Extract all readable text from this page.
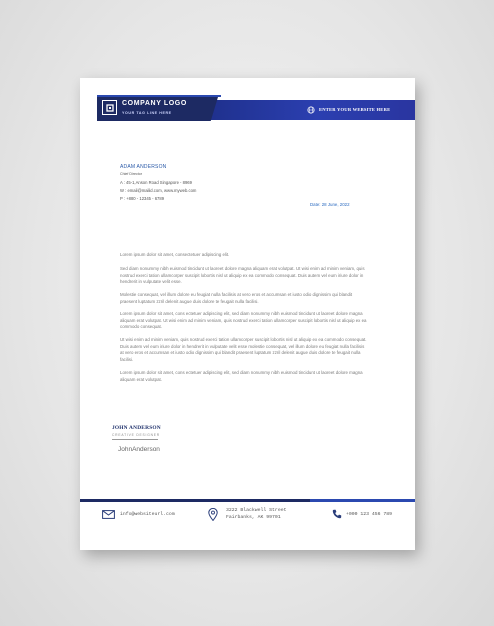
COMPANY LOGO
YOUR TAG LINE HERE
ENTER YOUR WEBSITE HERE
ADAM ANDERSON
Chief Director
A : 45-1,Anson Road Singapore - 8969
W : email@mailid.com, www.myweb.com
P : +880 - 12345 - 6789
Date: 28 June, 2022

Lorem ipsum dolor sit amet, consectetuer adipiscing elit.

Sed diam nonummy nibh euismod tincidunt ut laoreet dolore magna aliquam erat volutpat. Ut wisi enim ad minim veniam, quis nostrud exerci tation ullamcorper suscipit lobortis nisl ut aliquip ex ea commodo consequat. Duis autem vel eum iriure dolor in hendrerit in vulputate velit esse.

Molestie consequat, vel illum dolore eu feugiat nulla facilisis at vero eros et accumsan et iusto odio dignissim qui blandit praesent luptatum zzril delenit augue duis dolore te feugait nulla facilisi.

Lorem ipsum dolor sit amet, cons ectetuer adipiscing elit, sed diam nonummy nibh euismod tincidunt ut laoreet dolore magna aliquam erat volutpat. Ut wisi enim ad minim veniam, quis nostrud exerci tation ullamcorper suscipit lobortis nisl ut aliquip ex ea commodo consequat.

Ut wisi enim ad minim veniam, quis nostrud exerci tation ullamcorper suscipit lobortis nisl ut aliquip ex ea commodo consequat. Duis autem vel eum iriure dolor in hendrerit in vulputate velit esse molestie consequat, vel illum dolore eu feugiat nulla facilisis at vero eros et accumsan et iusto odio dignissim qui blandit praesent luptatum zzril delenit augue duis dolore te feugait nulla facilisi.

Lorem ipsum dolor sit amet, cons ectetuer adipiscing elit, sed diam nonummy nibh euismod tincidunt ut laoreet dolore magna aliquam erat volutpat.

JOHN ANDERSON
CREATIVE DESIGNER
JohnAnderson
info@websiteurl.com
3222 Blackwell Street
Fairbanks, AK 99701
+000 123 456 789
